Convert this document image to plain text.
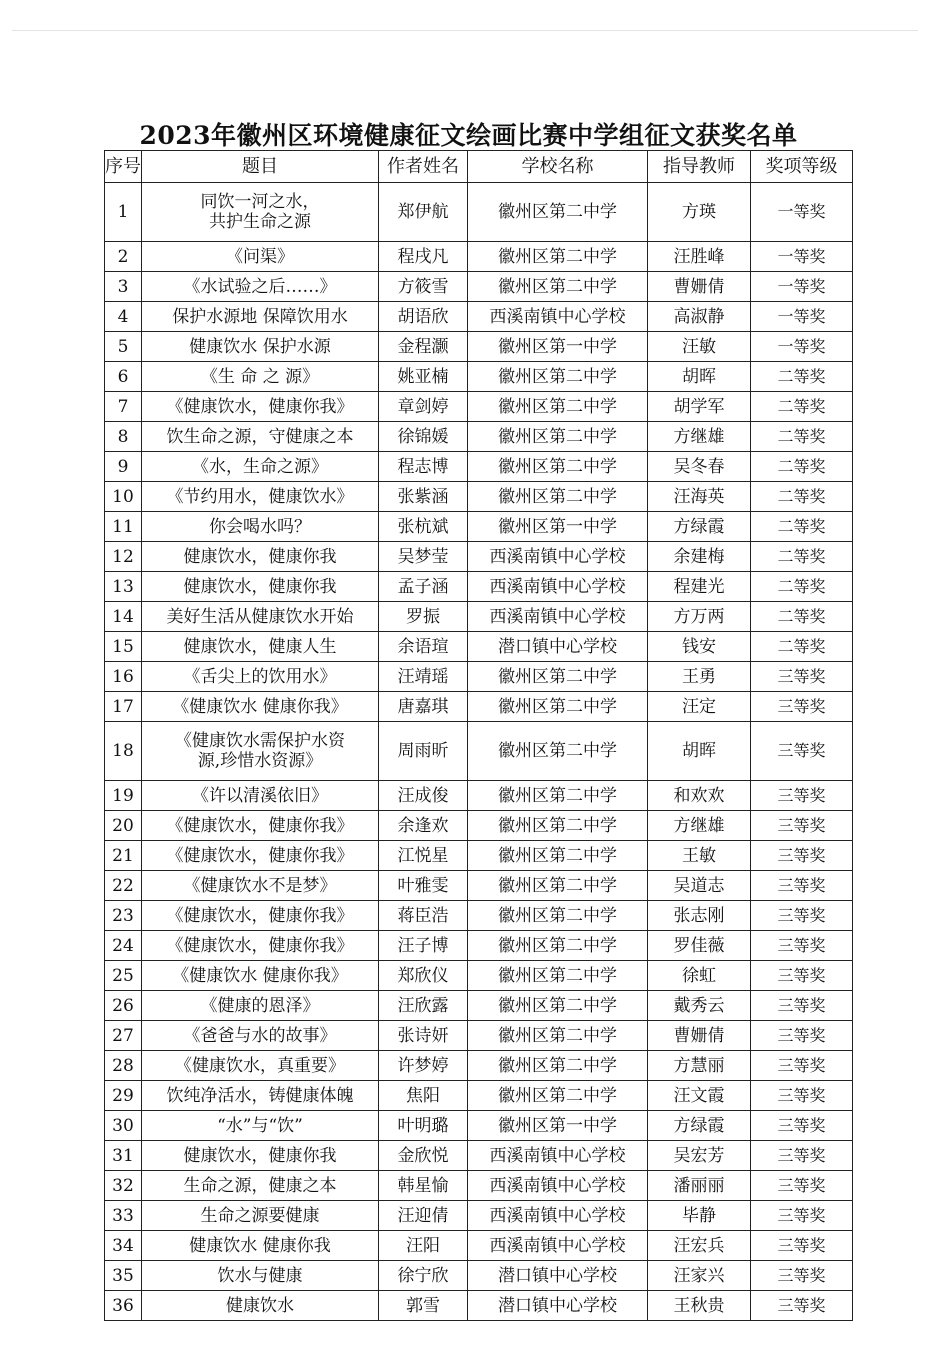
2023年徽州区环境健康征文绘画比赛中学组征文获奖名单
序号	题目	作者姓名	学校名称	指导教师	奖项等级
1	同饮一河之水，
共护生命之源	郑伊航	徽州区第二中学	方瑛	一等奖
2	《问渠》	程戌凡	徽州区第二中学	汪胜峰	一等奖
3	《水试验之后……》	方筱雪	徽州区第二中学	曹姗倩	一等奖
4	保护水源地 保障饮用水	胡语欣	西溪南镇中心学校	高淑静	一等奖
5	健康饮水 保护水源	金程灏	徽州区第一中学	汪敏	一等奖
6	《生 命 之 源》	姚亚楠	徽州区第二中学	胡晖	二等奖
7	《健康饮水，健康你我》	章剑婷	徽州区第二中学	胡学军	二等奖
8	饮生命之源，守健康之本	徐锦媛	徽州区第二中学	方继雄	二等奖
9	《水，生命之源》	程志博	徽州区第二中学	吴冬春	二等奖
10	《节约用水，健康饮水》	张紫涵	徽州区第二中学	汪海英	二等奖
11	你会喝水吗？	张杭斌	徽州区第一中学	方绿霞	二等奖
12	健康饮水，健康你我	吴梦莹	西溪南镇中心学校	余建梅	二等奖
13	健康饮水，健康你我	孟子涵	西溪南镇中心学校	程建光	二等奖
14	美好生活从健康饮水开始	罗振	西溪南镇中心学校	方万两	二等奖
15	健康饮水，健康人生	余语瑄	潜口镇中心学校	钱安	二等奖
16	《舌尖上的饮用水》	汪靖瑶	徽州区第二中学	王勇	三等奖
17	《健康饮水 健康你我》	唐嘉琪	徽州区第二中学	汪定	三等奖
18	《健康饮水需保护水资
源,珍惜水资源》	周雨昕	徽州区第二中学	胡晖	三等奖
19	《许以清溪依旧》	汪成俊	徽州区第二中学	和欢欢	三等奖
20	《健康饮水，健康你我》	余逢欢	徽州区第二中学	方继雄	三等奖
21	《健康饮水，健康你我》	江悦星	徽州区第二中学	王敏	三等奖
22	《健康饮水不是梦》	叶雅雯	徽州区第二中学	吴道志	三等奖
23	《健康饮水，健康你我》	蒋臣浩	徽州区第二中学	张志刚	三等奖
24	《健康饮水，健康你我》	汪子博	徽州区第二中学	罗佳薇	三等奖
25	《健康饮水 健康你我》	郑欣仪	徽州区第二中学	徐虹	三等奖
26	《健康的恩泽》	汪欣露	徽州区第二中学	戴秀云	三等奖
27	《爸爸与水的故事》	张诗妍	徽州区第二中学	曹姗倩	三等奖
28	《健康饮水，真重要》	许梦婷	徽州区第二中学	方慧丽	三等奖
29	饮纯净活水，铸健康体魄	焦阳	徽州区第二中学	汪文霞	三等奖
30	“水”与“饮”	叶明璐	徽州区第一中学	方绿霞	三等奖
31	健康饮水，健康你我	金欣悦	西溪南镇中心学校	吴宏芳	三等奖
32	生命之源，健康之本	韩星愉	西溪南镇中心学校	潘丽丽	三等奖
33	生命之源要健康	汪迎倩	西溪南镇中心学校	毕静	三等奖
34	健康饮水 健康你我	汪阳	西溪南镇中心学校	汪宏兵	三等奖
35	饮水与健康	徐宁欣	潜口镇中心学校	汪家兴	三等奖
36	健康饮水	郭雪	潜口镇中心学校	王秋贵	三等奖
